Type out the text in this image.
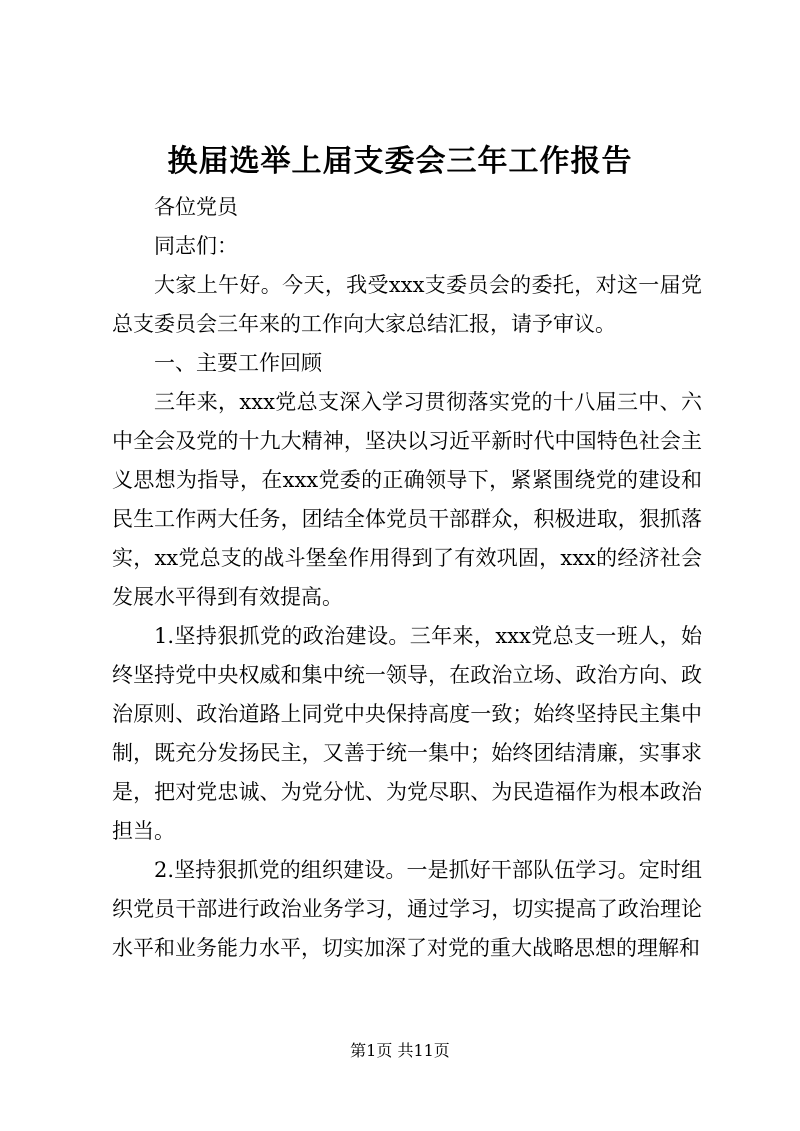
换届选举上届支委会三年工作报告

各位党员

同志们：

大家上午好。今天，我受xxx支委员会的委托，对这一届党总支委员会三年来的工作向大家总结汇报，请予审议。

一、主要工作回顾

三年来，xxx党总支深入学习贯彻落实党的十八届三中、六中全会及党的十九大精神，坚决以习近平新时代中国特色社会主义思想为指导，在xxx党委的正确领导下，紧紧围绕党的建设和民生工作两大任务，团结全体党员干部群众，积极进取，狠抓落实，xx党总支的战斗堡垒作用得到了有效巩固，xxx的经济社会发展水平得到有效提高。

1.坚持狠抓党的政治建设。三年来，xxx党总支一班人，始终坚持党中央权威和集中统一领导，在政治立场、政治方向、政治原则、政治道路上同党中央保持高度一致；始终坚持民主集中制，既充分发扬民主，又善于统一集中；始终团结清廉，实事求是，把对党忠诚、为党分忧、为党尽职、为民造福作为根本政治担当。

2.坚持狠抓党的组织建设。一是抓好干部队伍学习。定时组织党员干部进行政治业务学习，通过学习，切实提高了政治理论水平和业务能力水平，切实加深了对党的重大战略思想的理解和

第1页 共11页
